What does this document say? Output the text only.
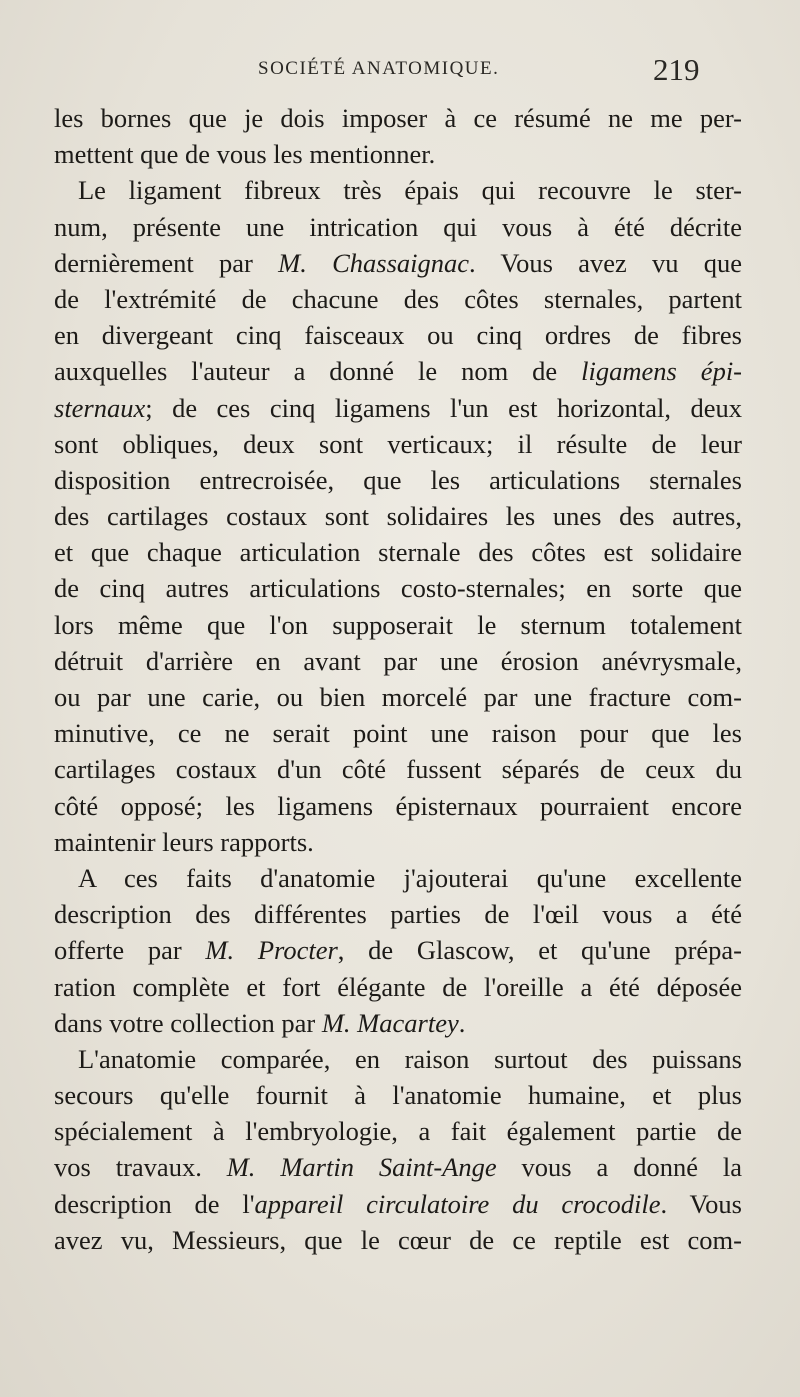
SOCIÉTÉ ANATOMIQUE.	219
les bornes que je dois imposer à ce résumé ne me per-
mettent que de vous les mentionner.
Le ligament fibreux très épais qui recouvre le ster-
num, présente une intrication qui vous à été décrite
dernièrement par M. Chassaignac. Vous avez vu que
de l'extrémité de chacune des côtes sternales, partent
en divergeant cinq faisceaux ou cinq ordres de fibres
auxquelles l'auteur a donné le nom de ligamens épi-
sternaux; de ces cinq ligamens l'un est horizontal, deux
sont obliques, deux sont verticaux; il résulte de leur
disposition entrecroisée, que les articulations sternales
des cartilages costaux sont solidaires les unes des autres,
et que chaque articulation sternale des côtes est solidaire
de cinq autres articulations costo-sternales; en sorte que
lors même que l'on supposerait le sternum totalement
détruit d'arrière en avant par une érosion anévrysmale,
ou par une carie, ou bien morcelé par une fracture com-
minutive, ce ne serait point une raison pour que les
cartilages costaux d'un côté fussent séparés de ceux du
côté opposé; les ligamens épisternaux pourraient encore
maintenir leurs rapports.
A ces faits d'anatomie j'ajouterai qu'une excellente
description des différentes parties de l'œil vous a été
offerte par M. Procter, de Glascow, et qu'une prépa-
ration complète et fort élégante de l'oreille a été déposée
dans votre collection par M. Macartey.
L'anatomie comparée, en raison surtout des puissans
secours qu'elle fournit à l'anatomie humaine, et plus
spécialement à l'embryologie, a fait également partie de
vos travaux. M. Martin Saint-Ange vous a donné la
description de l'appareil circulatoire du crocodile. Vous
avez vu, Messieurs, que le cœur de ce reptile est com-
